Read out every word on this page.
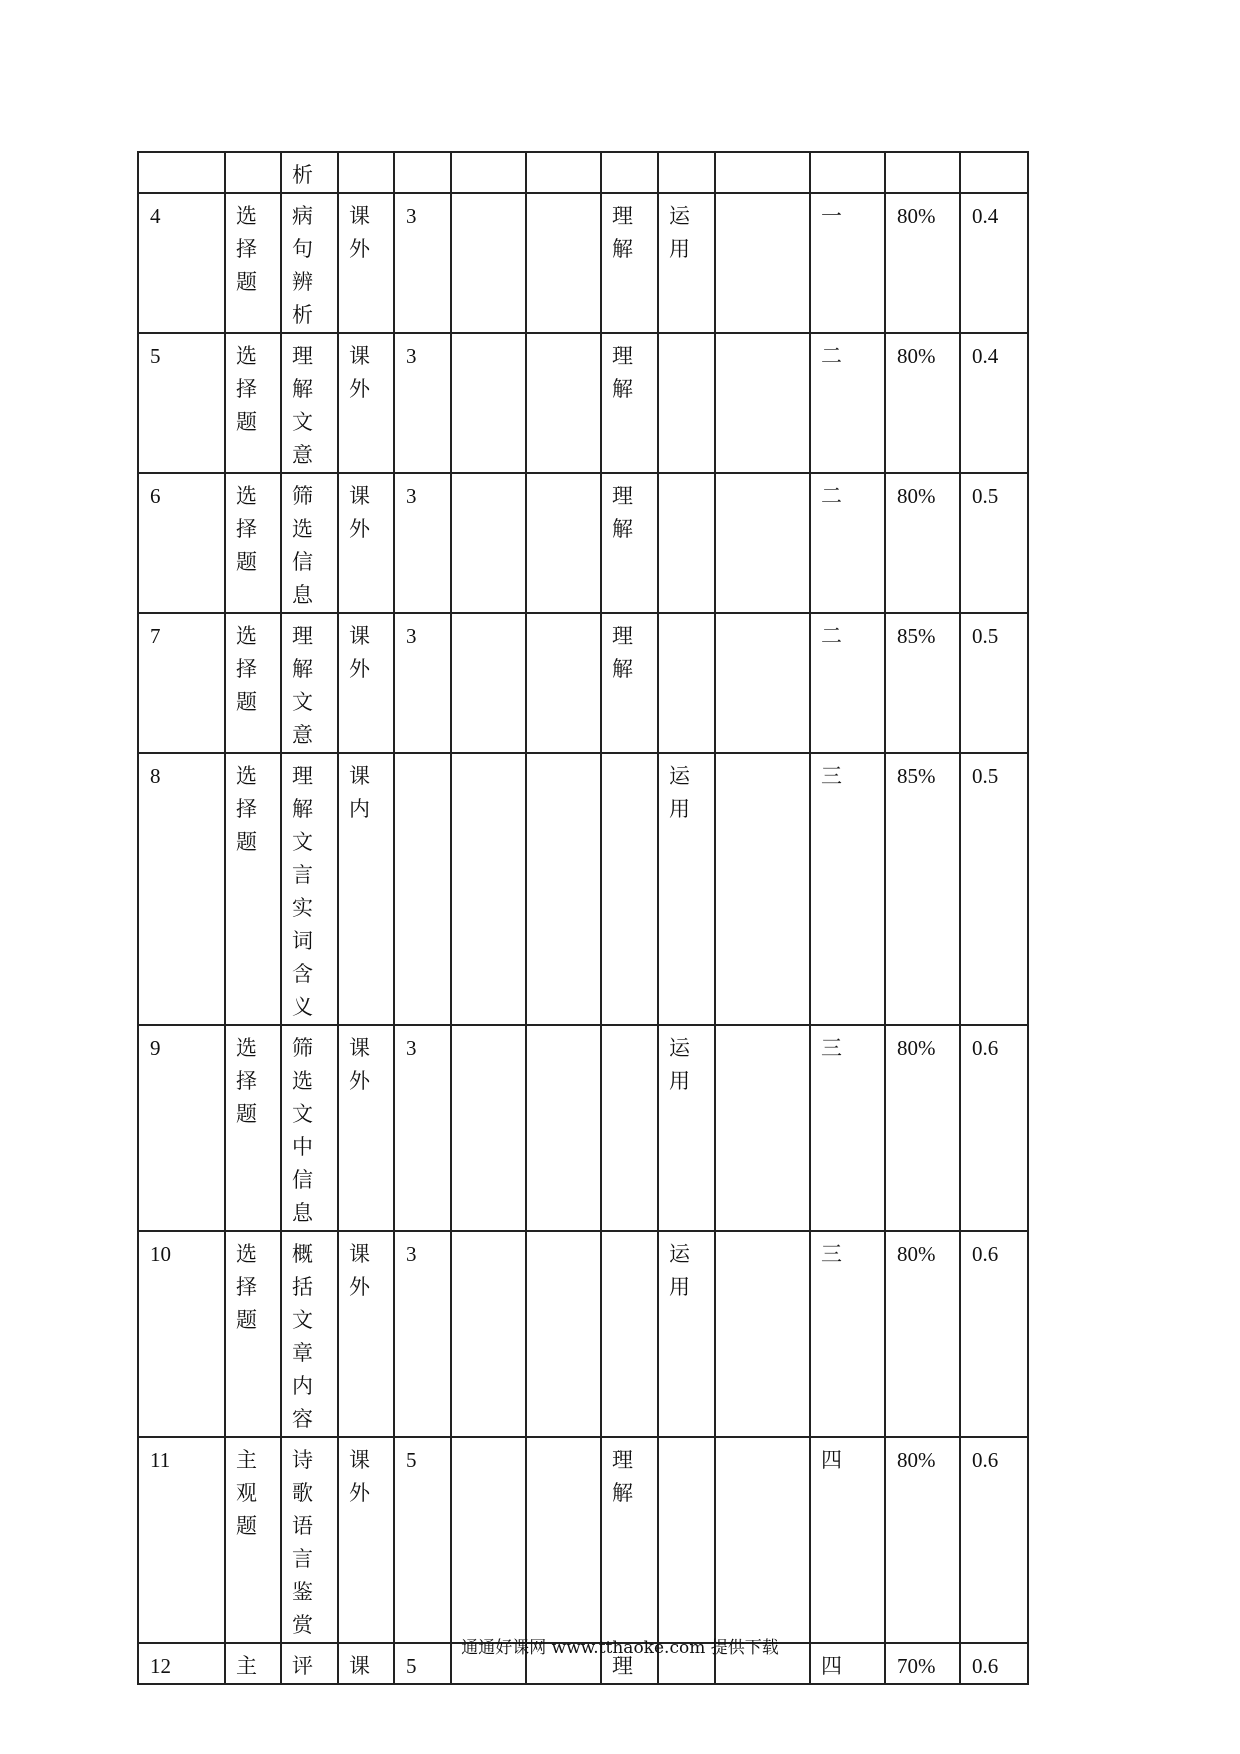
		析										

4	选择题	病句辨析	课外	3			理解	运用		一	80%	0.4
5	选择题	理解文意	课外	3			理解			二	80%	0.4
6	选择题	筛选信息	课外	3			理解			二	80%	0.5
7	选择题	理解文意	课外	3			理解			二	85%	0.5
8	选择题	理解文言实词含义	课内					运用		三	85%	0.5
9	选择题	筛选文中信息	课外	3				运用		三	80%	0.6
10	选择题	概括文章内容	课外	3				运用		三	80%	0.6
11	主观题	诗歌语言鉴赏	课外	5			理解			四	80%	0.6
12	主	评	课	5			理			四	70%	0.6
通通好课网 www.tthaoke.com 提供下载
